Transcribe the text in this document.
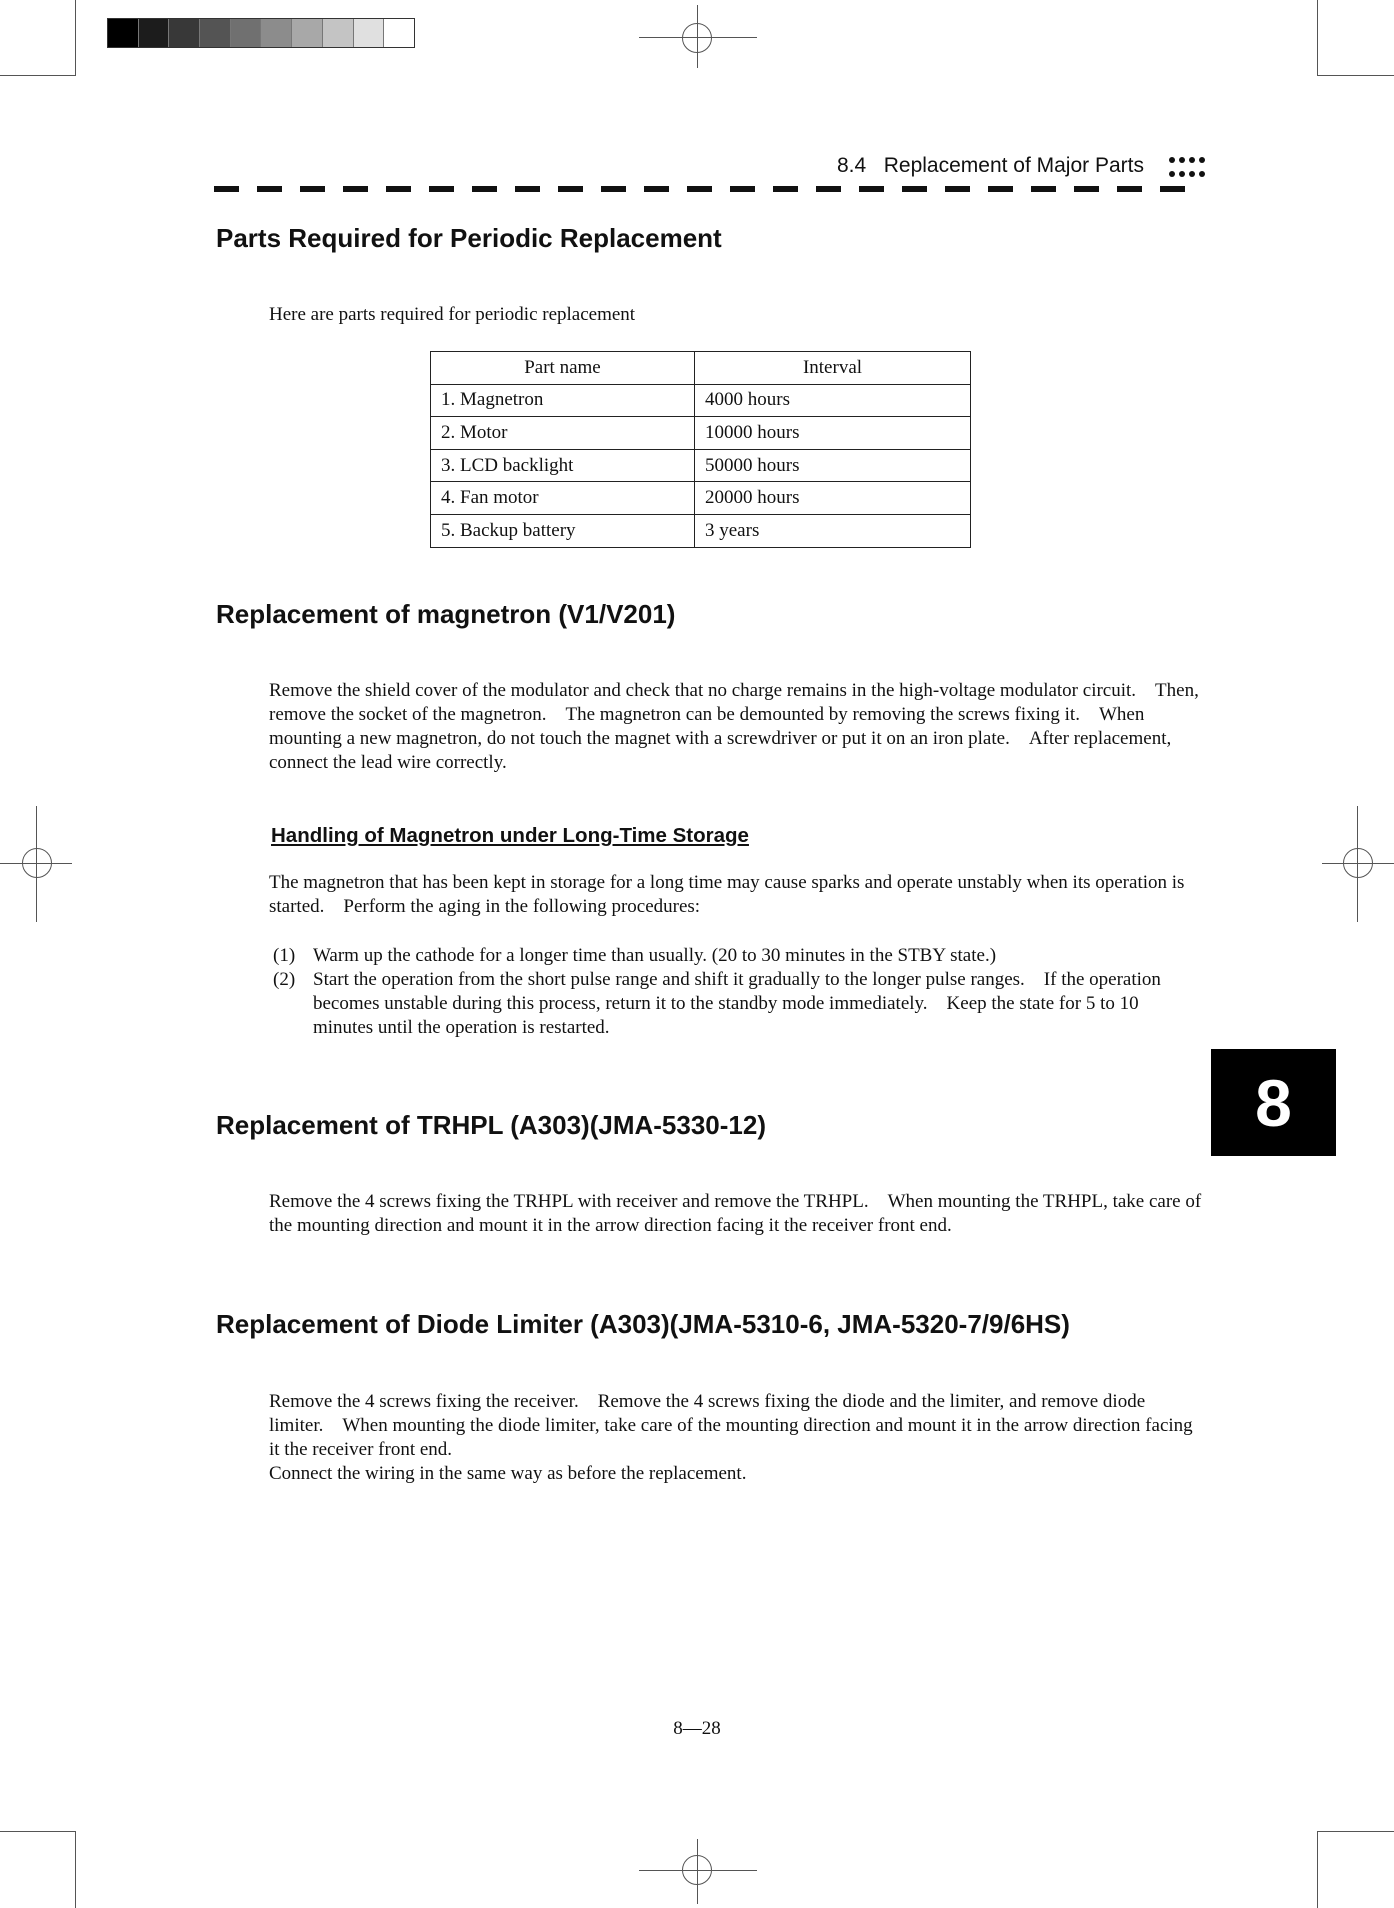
8.4 Replacement of Major Parts
Parts Required for Periodic Replacement

Here are parts required for periodic replacement

Part name	Interval
1. Magnetron	4000 hours
2. Motor	10000 hours
3. LCD backlight	50000 hours
4. Fan motor	20000 hours
5. Backup battery	3 years
Replacement of magnetron (V1/V201)

Remove the shield cover of the modulator and check that no charge remains in the high-voltage modulator circuit. Then, remove the socket of the magnetron. The magnetron can be demounted by removing the screws fixing it. When mounting a new magnetron, do not touch the magnet with a screwdriver or put it on an iron plate. After replacement, connect the lead wire correctly.

Handling of Magnetron under Long-Time Storage

The magnetron that has been kept in storage for a long time may cause sparks and operate unstably when its operation is started. Perform the aging in the following procedures:

(1) Warm up the cathode for a longer time than usually. (20 to 30 minutes in the STBY state.)
(2) Start the operation from the short pulse range and shift it gradually to the longer pulse ranges. If the operation becomes unstable during this process, return it to the standby mode immediately. Keep the state for 5 to 10 minutes until the operation is restarted.
8
Replacement of TRHPL (A303)(JMA-5330-12)

Remove the 4 screws fixing the TRHPL with receiver and remove the TRHPL. When mounting the TRHPL, take care of the mounting direction and mount it in the arrow direction facing it the receiver front end.

Replacement of Diode Limiter (A303)(JMA-5310-6, JMA-5320-7/9/6HS)

Remove the 4 screws fixing the receiver. Remove the 4 screws fixing the diode and the limiter, and remove diode limiter. When mounting the diode limiter, take care of the mounting direction and mount it in the arrow direction facing it the receiver front end.

Connect the wiring in the same way as before the replacement.

8—28
